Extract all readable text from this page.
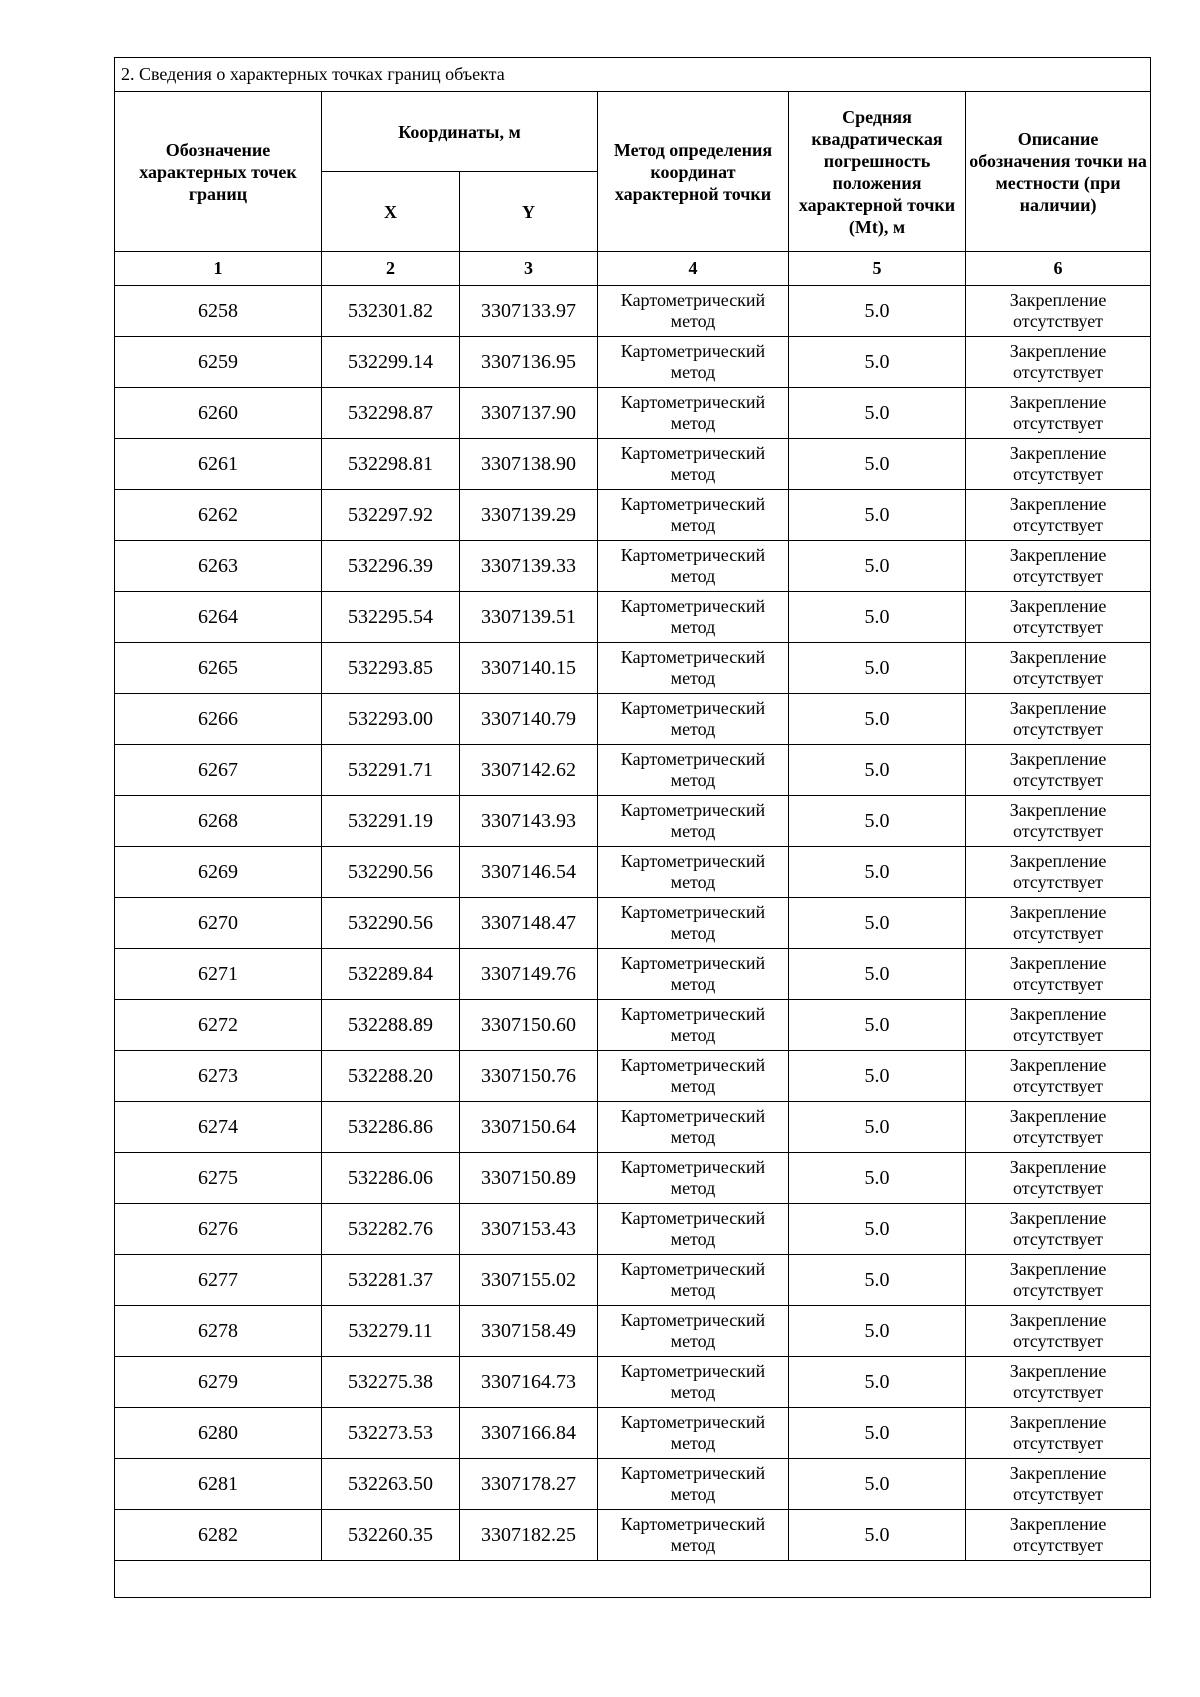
2. Сведения о характерных точках границ объекта					
Обозначение характерных точек границ	Координаты, м		Метод определения координат характерной точки	Средняя квадратическая погрешность положения характерной точки (Mt), м	Описание обозначения точки на местности (при наличии)
	X	Y			
1	2	3	4	5	6
6258	532301.82	3307133.97	Картометрический метод	5.0	Закрепление отсутствует
6259	532299.14	3307136.95	Картометрический метод	5.0	Закрепление отсутствует
6260	532298.87	3307137.90	Картометрический метод	5.0	Закрепление отсутствует
6261	532298.81	3307138.90	Картометрический метод	5.0	Закрепление отсутствует
6262	532297.92	3307139.29	Картометрический метод	5.0	Закрепление отсутствует
6263	532296.39	3307139.33	Картометрический метод	5.0	Закрепление отсутствует
6264	532295.54	3307139.51	Картометрический метод	5.0	Закрепление отсутствует
6265	532293.85	3307140.15	Картометрический метод	5.0	Закрепление отсутствует
6266	532293.00	3307140.79	Картометрический метод	5.0	Закрепление отсутствует
6267	532291.71	3307142.62	Картометрический метод	5.0	Закрепление отсутствует
6268	532291.19	3307143.93	Картометрический метод	5.0	Закрепление отсутствует
6269	532290.56	3307146.54	Картометрический метод	5.0	Закрепление отсутствует
6270	532290.56	3307148.47	Картометрический метод	5.0	Закрепление отсутствует
6271	532289.84	3307149.76	Картометрический метод	5.0	Закрепление отсутствует
6272	532288.89	3307150.60	Картометрический метод	5.0	Закрепление отсутствует
6273	532288.20	3307150.76	Картометрический метод	5.0	Закрепление отсутствует
6274	532286.86	3307150.64	Картометрический метод	5.0	Закрепление отсутствует
6275	532286.06	3307150.89	Картометрический метод	5.0	Закрепление отсутствует
6276	532282.76	3307153.43	Картометрический метод	5.0	Закрепление отсутствует
6277	532281.37	3307155.02	Картометрический метод	5.0	Закрепление отсутствует
6278	532279.11	3307158.49	Картометрический метод	5.0	Закрепление отсутствует
6279	532275.38	3307164.73	Картометрический метод	5.0	Закрепление отсутствует
6280	532273.53	3307166.84	Картометрический метод	5.0	Закрепление отсутствует
6281	532263.50	3307178.27	Картометрический метод	5.0	Закрепление отсутствует
6282	532260.35	3307182.25	Картометрический метод	5.0	Закрепление отсутствует
